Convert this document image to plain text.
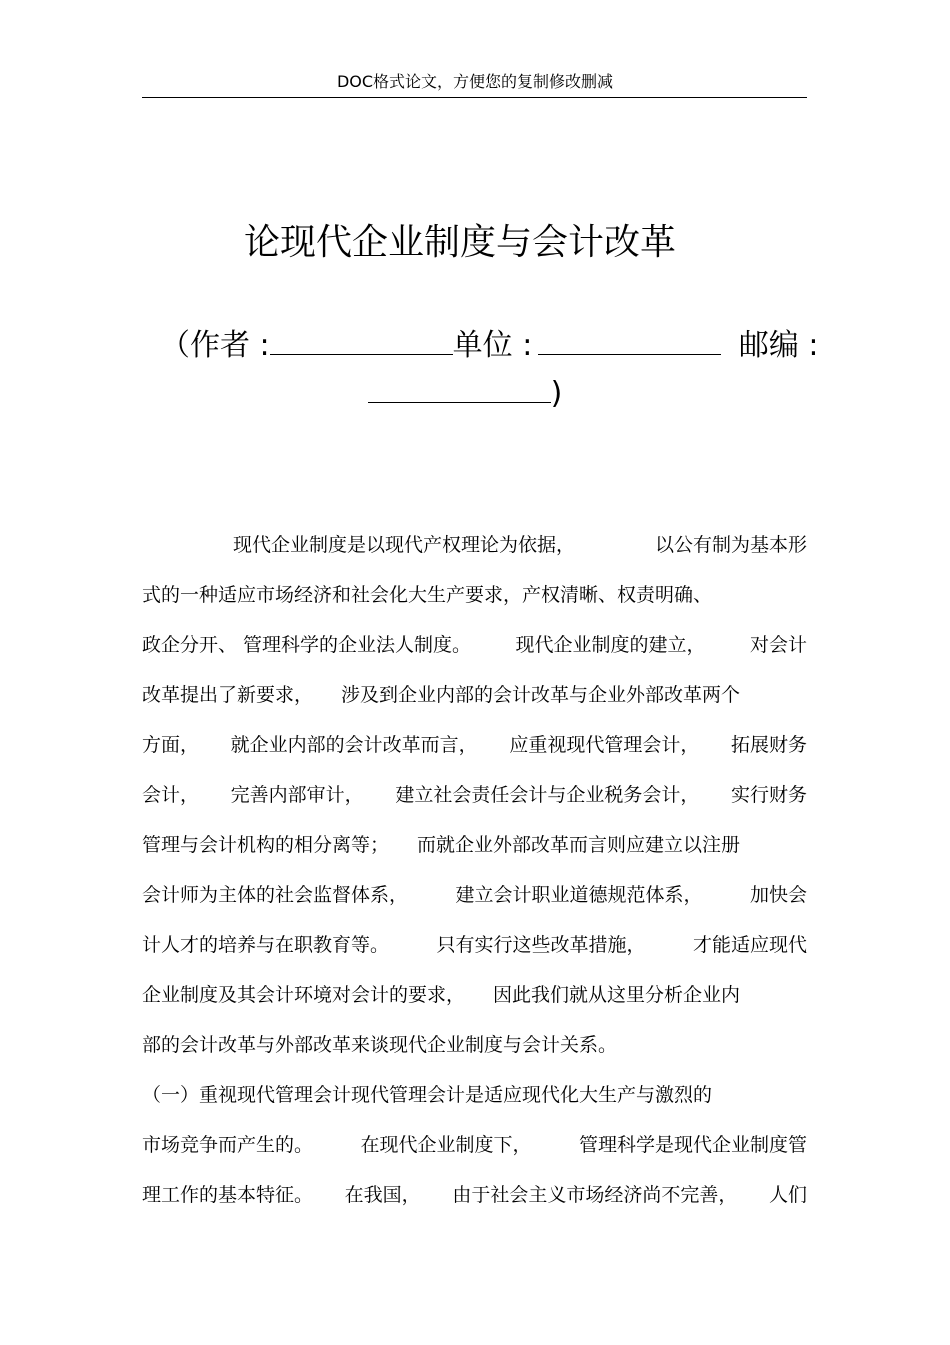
DOC格式论文，方便您的复制修改删减
论现代企业制度与会计改革
（作者 :	单位 :	邮编 :
)
现代企业制度是以现代产权理论为依据，	以公有制为基本形
式的一种适应市场经济和社会化大生产要求，产权清晰、权责明确、
政企分开、 管理科学的企业法人制度。 现代企业制度的建立， 对会计
改革提出了新要求， 涉及到企业内部的会计改革与企业外部改革两个
方面， 就企业内部的会计改革而言， 应重视现代管理会计， 拓展财务
会计， 完善内部审计， 建立社会责任会计与企业税务会计， 实行财务
管理与会计机构的相分离等； 而就企业外部改革而言则应建立以注册
会计师为主体的社会监督体系， 建立会计职业道德规范体系， 加快会
计人才的培养与在职教育等。 只有实行这些改革措施， 才能适应现代
企业制度及其会计环境对会计的要求， 因此我们就从这里分析企业内
部的会计改革与外部改革来谈现代企业制度与会计关系。
（一）重视现代管理会计现代管理会计是适应现代化大生产与激烈的
市场竞争而产生的。 在现代企业制度下， 管理科学是现代企业制度管
理工作的基本特征。 在我国， 由于社会主义市场经济尚不完善， 人们
